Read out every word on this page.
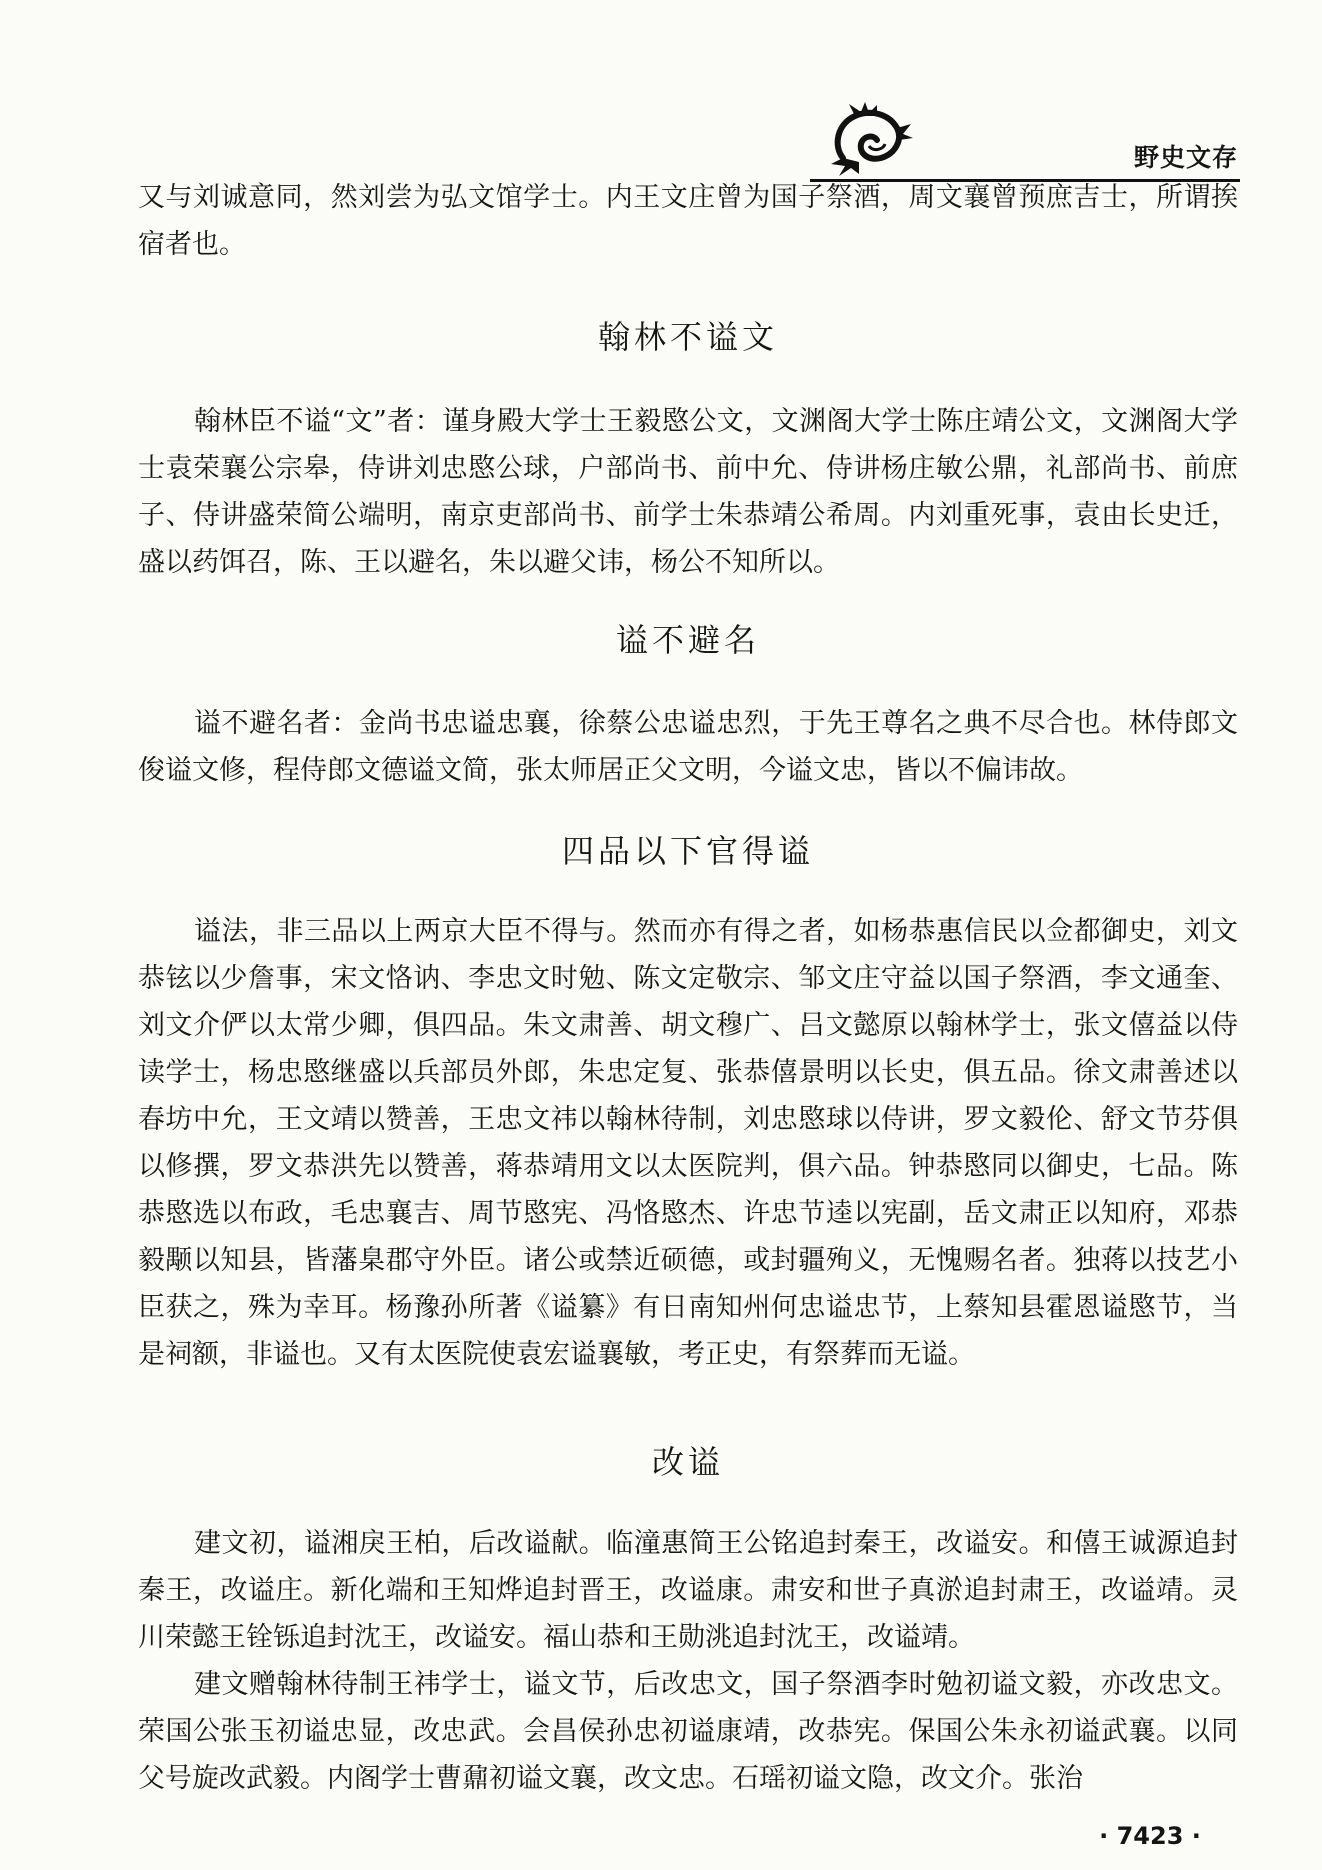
野史文存

又与刘诚意同，然刘尝为弘文馆学士。内王文庄曾为国子祭酒，周文襄曾预庶吉士，所谓挨宿者也。

翰林不谥文

翰林臣不谥“文”者：谨身殿大学士王毅愍公文，文渊阁大学士陈庄靖公文，文渊阁大学士袁荣襄公宗皋，侍讲刘忠愍公球，户部尚书、前中允、侍讲杨庄敏公鼎，礼部尚书、前庶子、侍讲盛荣简公端明，南京吏部尚书、前学士朱恭靖公希周。内刘重死事，袁由长史迁，盛以药饵召，陈、王以避名，朱以避父讳，杨公不知所以。

谥不避名

谥不避名者：金尚书忠谥忠襄，徐蔡公忠谥忠烈，于先王尊名之典不尽合也。林侍郎文俊谥文修，程侍郎文德谥文简，张太师居正父文明，今谥文忠，皆以不偏讳故。

四品以下官得谥

谥法，非三品以上两京大臣不得与。然而亦有得之者，如杨恭惠信民以佥都御史，刘文恭铉以少詹事，宋文恪讷、李忠文时勉、陈文定敬宗、邹文庄守益以国子祭酒，李文通奎、刘文介俨以太常少卿，俱四品。朱文肃善、胡文穆广、吕文懿原以翰林学士，张文僖益以侍读学士，杨忠愍继盛以兵部员外郎，朱忠定复、张恭僖景明以长史，俱五品。徐文肃善述以春坊中允，王文靖以赞善，王忠文祎以翰林待制，刘忠愍球以侍讲，罗文毅伦、舒文节芬俱以修撰，罗文恭洪先以赞善，蒋恭靖用文以太医院判，俱六品。钟恭愍同以御史，七品。陈恭愍选以布政，毛忠襄吉、周节愍宪、冯恪愍杰、许忠节逵以宪副，岳文肃正以知府，邓恭毅颙以知县，皆藩臬郡守外臣。诸公或禁近硕德，或封疆殉义，无愧赐名者。独蒋以技艺小臣获之，殊为幸耳。杨豫孙所著《谥纂》有日南知州何忠谥忠节，上蔡知县霍恩谥愍节，当是祠额，非谥也。又有太医院使袁宏谥襄敏，考正史，有祭葬而无谥。

改谥

建文初，谥湘戾王柏，后改谥献。临潼惠简王公铭追封秦王，改谥安。和僖王诚源追封秦王，改谥庄。新化端和王知烨追封晋王，改谥康。肃安和世子真淤追封肃王，改谥靖。灵川荣懿王铨铄追封沈王，改谥安。福山恭和王勋洮追封沈王，改谥靖。

建文赠翰林待制王祎学士，谥文节，后改忠文，国子祭酒李时勉初谥文毅，亦改忠文。荣国公张玉初谥忠显，改忠武。会昌侯孙忠初谥康靖，改恭宪。保国公朱永初谥武襄。以同父号旋改武毅。内阁学士曹鼐初谥文襄，改文忠。石瑶初谥文隐，改文介。张治

· 7423 ·
